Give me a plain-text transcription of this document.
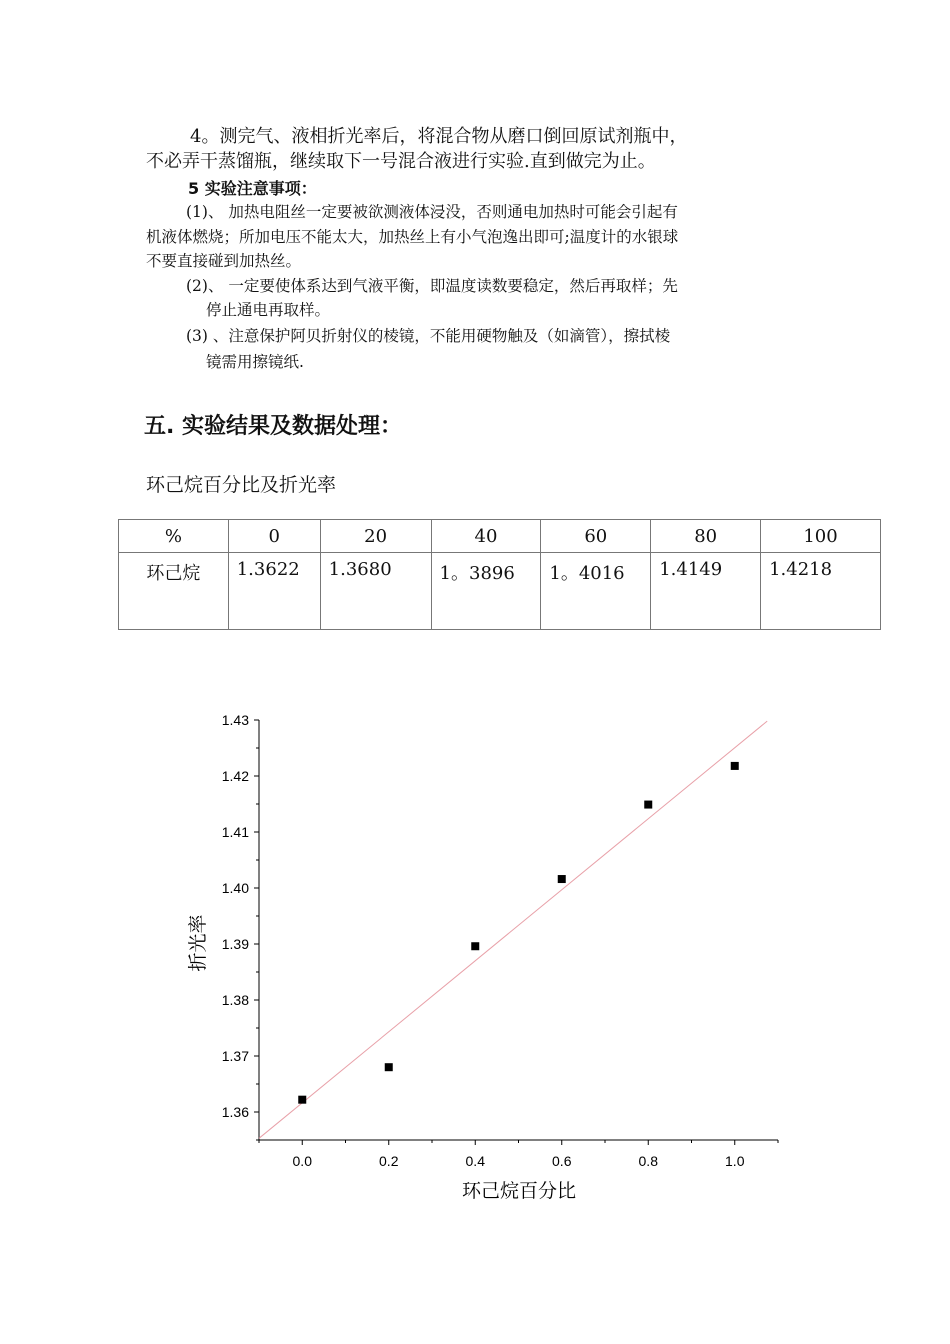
4。测完气、液相折光率后，将混合物从磨口倒回原试剂瓶中，
不必弄干蒸馏瓶，继续取下一号混合液进行实验.直到做完为止。
5 实验注意事项：
(1)、 加热电阻丝一定要被欲测液体浸没，否则通电加热时可能会引起有
机液体燃烧；所加电压不能太大，加热丝上有小气泡逸出即可;温度计的水银球
不要直接碰到加热丝。
(2)、 一定要使体系达到气液平衡，即温度读数要稳定，然后再取样；先
停止通电再取样。
(3) 、注意保护阿贝折射仪的棱镜，不能用硬物触及（如滴管），擦拭棱
镜需用擦镜纸.
五. 实验结果及数据处理：
环己烷百分比及折光率
%	0	20	40	60	80	100
环己烷	1.3622	1.3680	1。3896	1。4016	1.4149	1.4218
1.36
1.37
1.38
1.39
1.40
1.41
1.42
1.43
0.0	0.2	0.4	0.6	0.8	1.0
环己烷百分比
折光率
